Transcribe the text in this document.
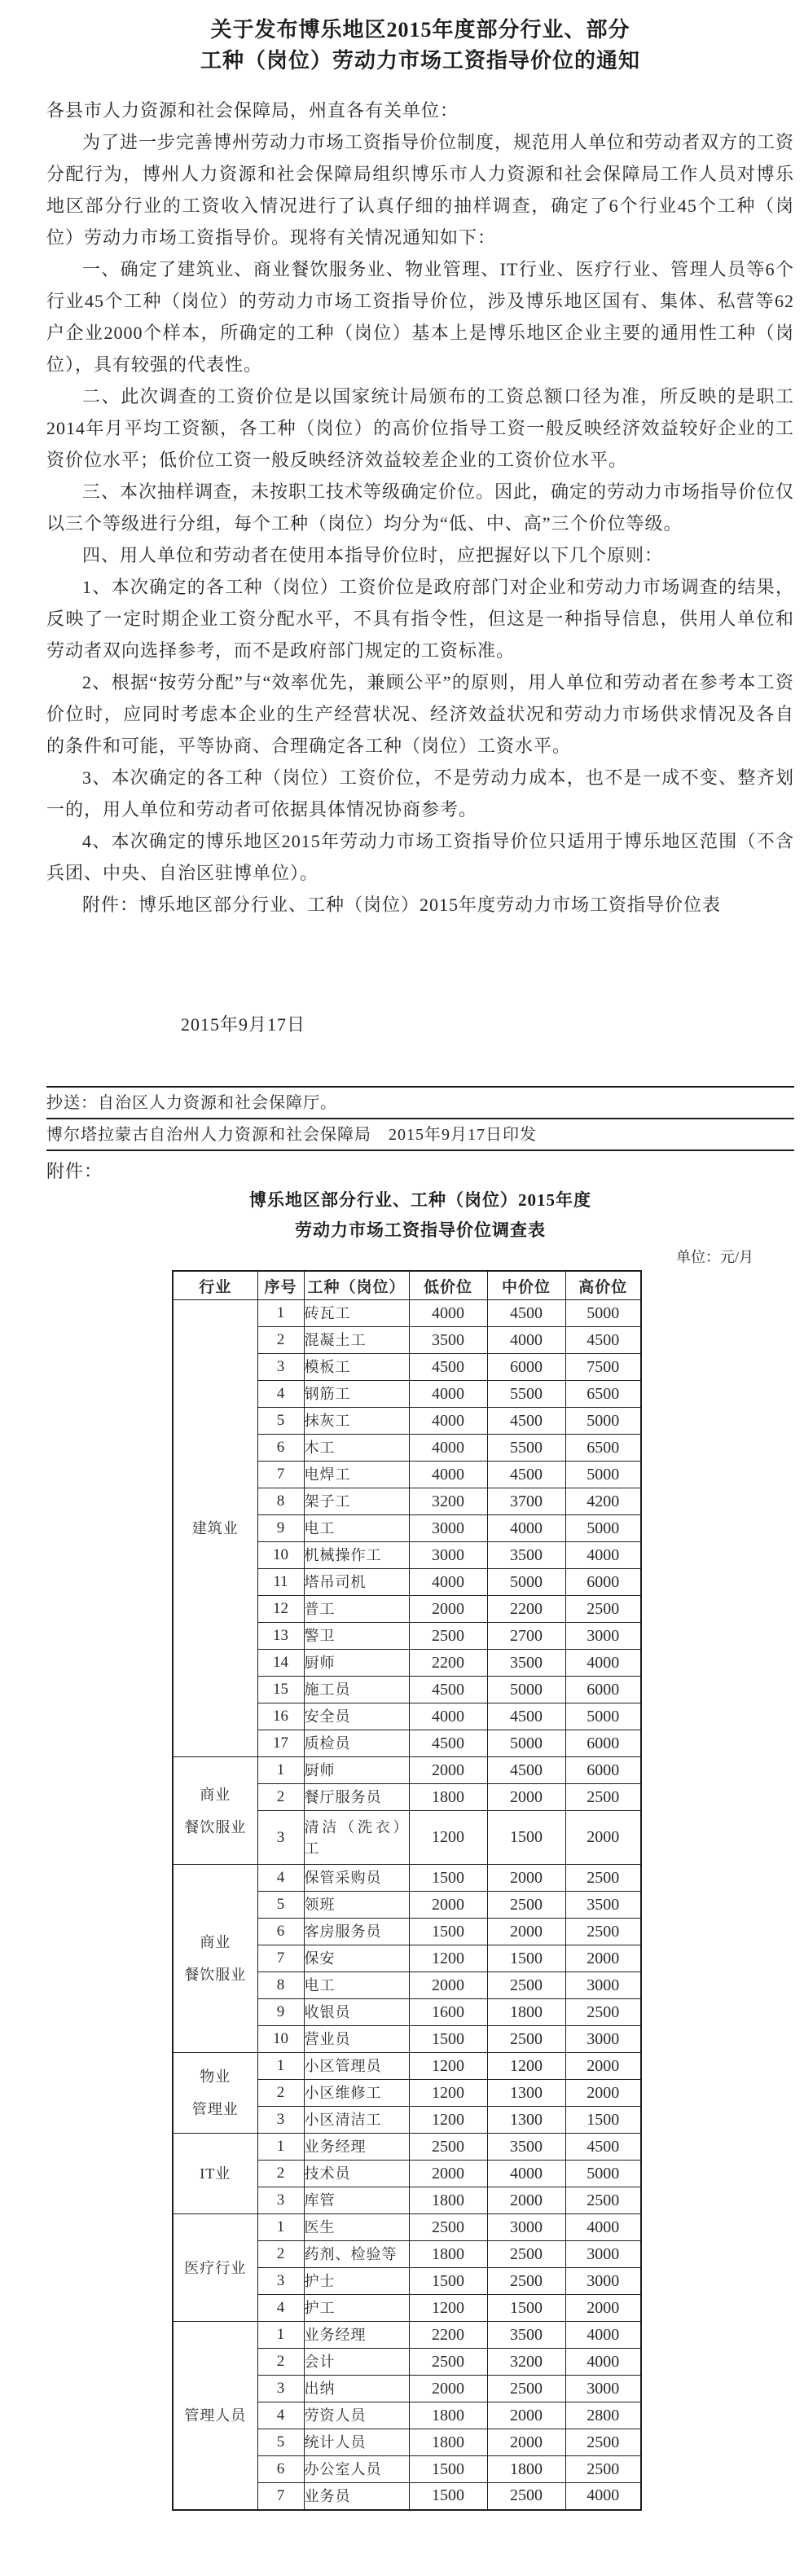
关于发布博乐地区2015年度部分行业、部分
工种（岗位）劳动力市场工资指导价位的通知

各县市人力资源和社会保障局，州直各有关单位：

为了进一步完善博州劳动力市场工资指导价位制度，规范用人单位和劳动者双方的工资分配行为，博州人力资源和社会保障局组织博乐市人力资源和社会保障局工作人员对博乐地区部分行业的工资收入情况进行了认真仔细的抽样调查，确定了6个行业45个工种（岗位）劳动力市场工资指导价。现将有关情况通知如下：

一、确定了建筑业、商业餐饮服务业、物业管理、IT行业、医疗行业、管理人员等6个行业45个工种（岗位）的劳动力市场工资指导价位，涉及博乐地区国有、集体、私营等62户企业2000个样本，所确定的工种（岗位）基本上是博乐地区企业主要的通用性工种（岗位），具有较强的代表性。

二、此次调查的工资价位是以国家统计局颁布的工资总额口径为准，所反映的是职工2014年月平均工资额，各工种（岗位）的高价位指导工资一般反映经济效益较好企业的工资价位水平；低价位工资一般反映经济效益较差企业的工资价位水平。

三、本次抽样调查，未按职工技术等级确定价位。因此，确定的劳动力市场指导价位仅以三个等级进行分组，每个工种（岗位）均分为“低、中、高”三个价位等级。

四、用人单位和劳动者在使用本指导价位时，应把握好以下几个原则：

1、本次确定的各工种（岗位）工资价位是政府部门对企业和劳动力市场调查的结果，反映了一定时期企业工资分配水平，不具有指令性，但这是一种指导信息，供用人单位和劳动者双向选择参考，而不是政府部门规定的工资标准。

2、根据“按劳分配”与“效率优先，兼顾公平”的原则，用人单位和劳动者在参考本工资价位时，应同时考虑本企业的生产经营状况、经济效益状况和劳动力市场供求情况及各自的条件和可能，平等协商、合理确定各工种（岗位）工资水平。

3、本次确定的各工种（岗位）工资价位，不是劳动力成本，也不是一成不变、整齐划一的，用人单位和劳动者可依据具体情况协商参考。

4、本次确定的博乐地区2015年劳动力市场工资指导价位只适用于博乐地区范围（不含兵团、中央、自治区驻博单位）。

附件：博乐地区部分行业、工种（岗位）2015年度劳动力市场工资指导价位表

2015年9月17日
抄送：自治区人力资源和社会保障厅。
博尔塔拉蒙古自治州人力资源和社会保障局　2015年9月17日印发
附件：
博乐地区部分行业、工种（岗位）2015年度
劳动力市场工资指导价位调查表
单位：元/月
行业	序号	工种（岗位）	低价位	中价位	高价位
建筑业	1	砖瓦工	4000	4500	5000
	2	混凝土工	3500	4000	4500
	3	模板工	4500	6000	7500
	4	钢筋工	4000	5500	6500
	5	抹灰工	4000	4500	5000
	6	木工	4000	5500	6500
	7	电焊工	4000	4500	5000
	8	架子工	3200	3700	4200
	9	电工	3000	4000	5000
	10	机械操作工	3000	3500	4000
	11	塔吊司机	4000	5000	6000
	12	普工	2000	2200	2500
	13	警卫	2500	2700	3000
	14	厨师	2200	3500	4000
	15	施工员	4500	5000	6000
	16	安全员	4000	4500	5000
	17	质检员	4500	5000	6000
商业
餐饮服业	1	厨师	2000	4500	6000
	2	餐厅服务员	1800	2000	2500
	3	清洁（洗衣）工	1200	1500	2000
商业
餐饮服业	4	保管采购员	1500	2000	2500
	5	领班	2000	2500	3500
	6	客房服务员	1500	2000	2500
	7	保安	1200	1500	2000
	8	电工	2000	2500	3000
	9	收银员	1600	1800	2500
	10	营业员	1500	2500	3000
物业
管理业	1	小区管理员	1200	1200	2000
	2	小区维修工	1200	1300	2000
	3	小区清洁工	1200	1300	1500
IT业	1	业务经理	2500	3500	4500
	2	技术员	2000	4000	5000
	3	库管	1800	2000	2500
医疗行业	1	医生	2500	3000	4000
	2	药剂、检验等	1800	2500	3000
	3	护士	1500	2500	3000
	4	护工	1200	1500	2000
管理人员	1	业务经理	2200	3500	4000
	2	会计	2500	3200	4000
	3	出纳	2000	2500	3000
	4	劳资人员	1800	2000	2800
	5	统计人员	1800	2000	2500
	6	办公室人员	1500	1800	2500
	7	业务员	1500	2500	4000
